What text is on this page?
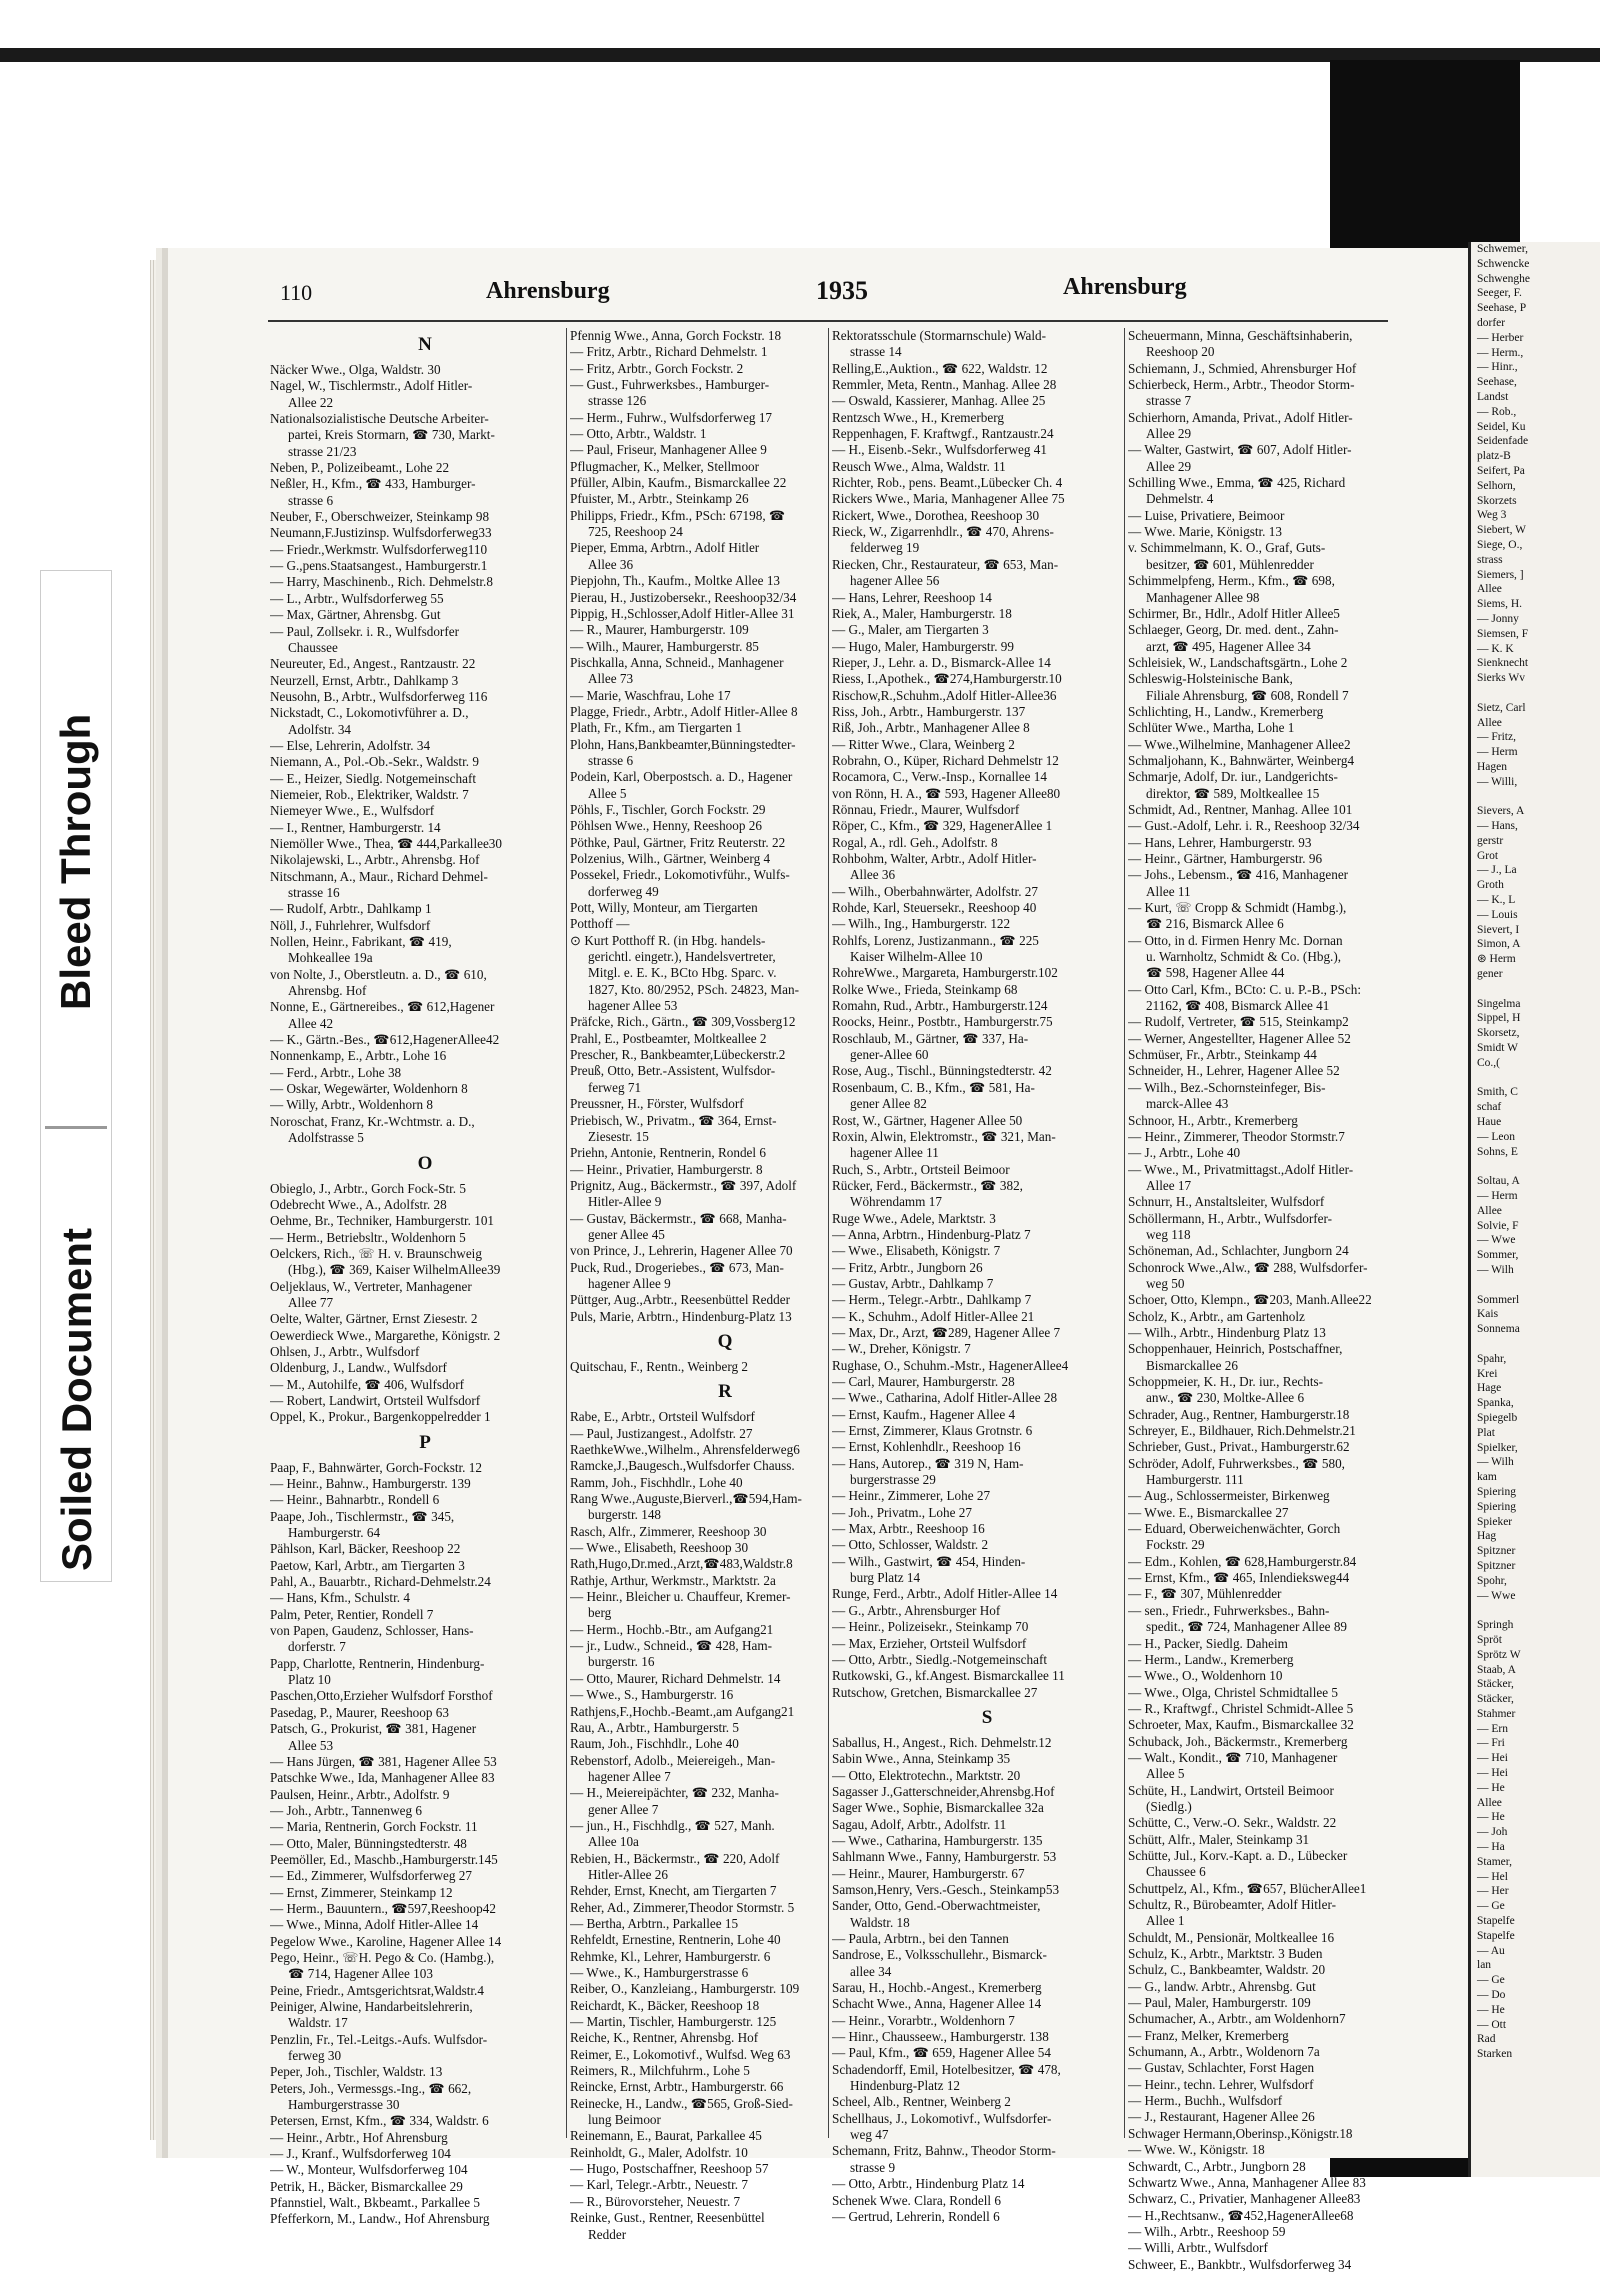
Schwemer,
Schwencke
Schwenghe
Seeger, F.
Seehase, P
dorfer
— Herber
— Herm.,
— Hinr.,
Seehase,
Landst
— Rob.,
Seidel, Ku
Seidenfade
platz-B
Seifert, Pa
Selhorn,
Skorzets
Weg 3
Siebert, W
Siege, O.,
strass
Siemers, ]
Allee
Siems, H.
— Jonny
Siemsen, F
— K. K
Sienknecht
Sierks Wv

Sietz, Carl
Allee
— Fritz,
— Herm
Hagen
— Willi,

Sievers, A
— Hans,
gerstr
Grot
— J., La
Groth
— K., L
— Louis
Sievert, I
Simon, A
⊛ Herm
gener

Singelma
Sippel, H
Skorsetz,
Smidt W
Co.,(

Smith, C
schaf
Haue
— Leon
Sohns, E

Soltau, A
— Herm
Allee
Solvie, F
— Wwe
Sommer,
— Wilh

Sommerl
Kais
Sonnema

Spahr,
Krei
Hage
Spanka,
Spiegelb
Plat
Spielker,
— Wilh
kam
Spiering
Spiering
Spieker
Hag
Spitzner
Spitzner
Spohr,
— Wwe

Springh
Spröt
Sprötz W
Staab, A
Stäcker,
Stäcker,
Stahmer
— Ern
— Fri
— Hei
— Hei
— He
Allee
— He
— Joh
— Ha
Stamer,
— Hel
— Her
— Ge
Stapelfe
Stapelfe
— Au
lan
— Ge
— Do
— He
— Ott
Rad
Starken
Soiled Document
Bleed Through
110	Ahrensburg	1935	Ahrensburg
N
Näcker Wwe., Olga, Waldstr. 30
Nagel, W., Tischlermstr., Adolf Hitler-
Allee 22
Nationalsozialistische Deutsche Arbeiter-
partei, Kreis Stormarn, ☎ 730, Markt-
strasse 21/23
Neben, P., Polizeibeamt., Lohe 22
Neßler, H., Kfm., ☎ 433, Hamburger-
strasse 6
Neuber, F., Oberschweizer, Steinkamp 98
Neumann,F.Justizinsp. Wulfsdorferweg33
— Friedr.,Werkmstr. Wulfsdorferweg110
— G.,pens.Staatsangest., Hamburgerstr.1
— Harry, Maschinenb., Rich. Dehmelstr.8
— L., Arbtr., Wulfsdorferweg 55
— Max, Gärtner, Ahrensbg. Gut
— Paul, Zollsekr. i. R., Wulfsdorfer
Chaussee
Neureuter, Ed., Angest., Rantzaustr. 22
Neurzell, Ernst, Arbtr., Dahlkamp 3
Neusohn, B., Arbtr., Wulfsdorferweg 116
Nickstadt, C., Lokomotivführer a. D.,
Adolfstr. 34
— Else, Lehrerin, Adolfstr. 34
Niemann, A., Pol.-Ob.-Sekr., Waldstr. 9
— E., Heizer, Siedlg. Notgemeinschaft
Niemeier, Rob., Elektriker, Waldstr. 7
Niemeyer Wwe., E., Wulfsdorf
— I., Rentner, Hamburgerstr. 14
Niemöller Wwe., Thea, ☎ 444,Parkallee30
Nikolajewski, L., Arbtr., Ahrensbg. Hof
Nitschmann, A., Maur., Richard Dehmel-
strasse 16
— Rudolf, Arbtr., Dahlkamp 1
Nöll, J., Fuhrlehrer, Wulfsdorf
Nollen, Heinr., Fabrikant, ☎ 419,
Mohkeallee 19a
von Nolte, J., Oberstleutn. a. D., ☎ 610,
Ahrensbg. Hof
Nonne, E., Gärtnereibes., ☎ 612,Hagener
Allee 42
— K., Gärtn.-Bes., ☎612,HagenerAllee42
Nonnenkamp, E., Arbtr., Lohe 16
— Ferd., Arbtr., Lohe 38
— Oskar, Wegewärter, Woldenhorn 8
— Willy, Arbtr., Woldenhorn 8
Noroschat, Franz, Kr.-Wchtmstr. a. D.,
Adolfstrasse 5
O
Obieglo, J., Arbtr., Gorch Fock-Str. 5
Odebrecht Wwe., A., Adolfstr. 28
Oehme, Br., Techniker, Hamburgerstr. 101
— Herm., Betriebsltr., Woldenhorn 5
Oelckers, Rich., ☏ H. v. Braunschweig
(Hbg.), ☎ 369, Kaiser WilhelmAllee39
Oeljeklaus, W., Vertreter, Manhagener
Allee 77
Oelte, Walter, Gärtner, Ernst Ziesestr. 2
Oewerdieck Wwe., Margarethe, Königstr. 2
Ohlsen, J., Arbtr., Wulfsdorf
Oldenburg, J., Landw., Wulfsdorf
— M., Autohilfe, ☎ 406, Wulfsdorf
— Robert, Landwirt, Ortsteil Wulfsdorf
Oppel, K., Prokur., Bargenkoppelredder 1
P
Paap, F., Bahnwärter, Gorch-Fockstr. 12
— Heinr., Bahnw., Hamburgerstr. 139
— Heinr., Bahnarbtr., Rondell 6
Paape, Joh., Tischlermstr., ☎ 345,
Hamburgerstr. 64
Pählson, Karl, Bäcker, Reeshoop 22
Paetow, Karl, Arbtr., am Tiergarten 3
Pahl, A., Bauarbtr., Richard-Dehmelstr.24
— Hans, Kfm., Schulstr. 4
Palm, Peter, Rentier, Rondell 7
von Papen, Gaudenz, Schlosser, Hans-
dorferstr. 7
Papp, Charlotte, Rentnerin, Hindenburg-
Platz 10
Paschen,Otto,Erzieher Wulfsdorf Forsthof
Pasedag, P., Maurer, Reeshoop 63
Patsch, G., Prokurist, ☎ 381, Hagener
Allee 53
— Hans Jürgen, ☎ 381, Hagener Allee 53
Patschke Wwe., Ida, Manhagener Allee 83
Paulsen, Heinr., Arbtr., Adolfstr. 9
— Joh., Arbtr., Tannenweg 6
— Maria, Rentnerin, Gorch Fockstr. 11
— Otto, Maler, Bünningstedterstr. 48
Peemöller, Ed., Maschb.,Hamburgerstr.145
— Ed., Zimmerer, Wulfsdorferweg 27
— Ernst, Zimmerer, Steinkamp 12
— Herm., Bauuntern., ☎597,Reeshoop42
— Wwe., Minna, Adolf Hitler-Allee 14
Pegelow Wwe., Karoline, Hagener Allee 14
Pego, Heinr., ☏H. Pego & Co. (Hambg.),
☎ 714, Hagener Allee 103
Peine, Friedr., Amtsgerichtsrat,Waldstr.4
Peiniger, Alwine, Handarbeitslehrerin,
Waldstr. 17
Penzlin, Fr., Tel.-Leitgs.-Aufs. Wulfsdor-
ferweg 30
Peper, Joh., Tischler, Waldstr. 13
Peters, Joh., Vermessgs.-Ing., ☎ 662,
Hamburgerstrasse 30
Petersen, Ernst, Kfm., ☎ 334, Waldstr. 6
— Heinr., Arbtr., Hof Ahrensburg
— J., Kranf., Wulfsdorferweg 104
— W., Monteur, Wulfsdorferweg 104
Petrik, H., Bäcker, Bismarckallee 29
Pfannstiel, Walt., Bkbeamt., Parkallee 5
Pfefferkorn, M., Landw., Hof Ahrensburg
Pfennig Wwe., Anna, Gorch Fockstr. 18
— Fritz, Arbtr., Richard Dehmelstr. 1
— Fritz, Arbtr., Gorch Fockstr. 2
— Gust., Fuhrwerksbes., Hamburger-
strasse 126
— Herm., Fuhrw., Wulfsdorferweg 17
— Otto, Arbtr., Waldstr. 1
— Paul, Friseur, Manhagener Allee 9
Pflugmacher, K., Melker, Stellmoor
Pfüller, Albin, Kaufm., Bismarckallee 22
Pfuister, M., Arbtr., Steinkamp 26
Philipps, Friedr., Kfm., PSch: 67198, ☎
725, Reeshoop 24
Pieper, Emma, Arbtrn., Adolf Hitler
Allee 36
Piepjohn, Th., Kaufm., Moltke Allee 13
Pierau, H., Justizobersekr., Reeshoop32/34
Pippig, H.,Schlosser,Adolf Hitler-Allee 31
— R., Maurer, Hamburgerstr. 109
— Wilh., Maurer, Hamburgerstr. 85
Pischkalla, Anna, Schneid., Manhagener
Allee 73
— Marie, Waschfrau, Lohe 17
Plagge, Friedr., Arbtr., Adolf Hitler-Allee 8
Plath, Fr., Kfm., am Tiergarten 1
Plohn, Hans,Bankbeamter,Bünningstedter-
strasse 6
Podein, Karl, Oberpostsch. a. D., Hagener
Allee 5
Pöhls, F., Tischler, Gorch Fockstr. 29
Pöhlsen Wwe., Henny, Reeshoop 26
Pöthke, Paul, Gärtner, Fritz Reuterstr. 22
Polzenius, Wilh., Gärtner, Weinberg 4
Possekel, Friedr., Lokomotivführ., Wulfs-
dorferweg 49
Pott, Willy, Monteur, am Tiergarten
Potthoff —
⊙ Kurt Potthoff R. (in Hbg. handels-
gerichtl. eingetr.), Handelsvertreter,
Mitgl. e. E. K., BCto Hbg. Sparc. v.
1827, Kto. 80/2952, PSch. 24823, Man-
hagener Allee 53
Präfcke, Rich., Gärtn., ☎ 309,Vossberg12
Prahl, E., Postbeamter, Moltkeallee 2
Prescher, R., Bankbeamter,Lübeckerstr.2
Preuß, Otto, Betr.-Assistent, Wulfsdor-
ferweg 71
Preussner, H., Förster, Wulfsdorf
Priebisch, W., Privatm., ☎ 364, Ernst-
Ziesestr. 15
Priehn, Antonie, Rentnerin, Rondel 6
— Heinr., Privatier, Hamburgerstr. 8
Prignitz, Aug., Bäckermstr., ☎ 397, Adolf
Hitler-Allee 9
— Gustav, Bäckermstr., ☎ 668, Manha-
gener Allee 45
von Prince, J., Lehrerin, Hagener Allee 70
Puck, Rud., Drogeriebes., ☎ 673, Man-
hagener Allee 9
Püttger, Aug.,Arbtr., Reesenbüttel Redder
Puls, Marie, Arbtrn., Hindenburg-Platz 13
Q
Quitschau, F., Rentn., Weinberg 2
R
Rabe, E., Arbtr., Ortsteil Wulfsdorf
— Paul, Justizangest., Adolfstr. 27
RaethkeWwe.,Wilhelm., Ahrensfelderweg6
Ramcke,J.,Baugesch.,Wulfsdorfer Chauss.
Ramm, Joh., Fischhdlr., Lohe 40
Rang Wwe.,Auguste,Bierverl.,☎594,Ham-
burgerstr. 148
Rasch, Alfr., Zimmerer, Reeshoop 30
— Wwe., Elisabeth, Reeshoop 30
Rath,Hugo,Dr.med.,Arzt,☎483,Waldstr.8
Rathje, Arthur, Werkmstr., Marktstr. 2a
— Heinr., Bleicher u. Chauffeur, Kremer-
berg
— Herm., Hochb.-Btr., am Aufgang21
— jr., Ludw., Schneid., ☎ 428, Ham-
burgerstr. 16
— Otto, Maurer, Richard Dehmelstr. 14
— Wwe., S., Hamburgerstr. 16
Rathjens,F.,Hochb.-Beamt.,am Aufgang21
Rau, A., Arbtr., Hamburgerstr. 5
Raum, Joh., Fischhdlr., Lohe 40
Rebenstorf, Adolb., Meiereigeh., Man-
hagener Allee 7
— H., Meiereipächter, ☎ 232, Manha-
gener Allee 7
— jun., H., Fischhdlg., ☎ 527, Manh.
Allee 10a
Rebien, H., Bäckermstr., ☎ 220, Adolf
Hitler-Allee 26
Rehder, Ernst, Knecht, am Tiergarten 7
Reher, Ad., Zimmerer,Theodor Stormstr. 5
— Bertha, Arbtrn., Parkallee 15
Rehfeldt, Ernestine, Rentnerin, Lohe 40
Rehmke, Kl., Lehrer, Hamburgerstr. 6
— Wwe., K., Hamburgerstrasse 6
Reiber, O., Kanzleiang., Hamburgerstr. 109
Reichardt, K., Bäcker, Reeshoop 18
— Martin, Tischler, Hamburgerstr. 125
Reiche, K., Rentner, Ahrensbg. Hof
Reimer, E., Lokomotivf., Wulfsd. Weg 63
Reimers, R., Milchfuhrm., Lohe 5
Reincke, Ernst, Arbtr., Hamburgerstr. 66
Reinecke, H., Landw., ☎565, Groß-Sied-
lung Beimoor
Reinemann, E., Baurat, Parkallee 45
Reinholdt, G., Maler, Adolfstr. 10
— Hugo, Postschaffner, Reeshoop 57
— Karl, Telegr.-Arbtr., Neuestr. 7
— R., Bürovorsteher, Neuestr. 7
Reinke, Gust., Rentner, Reesenbüttel
Redder
Rektoratsschule (Stormarnschule) Wald-
strasse 14
Relling,E.,Auktion., ☎ 622, Waldstr. 12
Remmler, Meta, Rentn., Manhag. Allee 28
— Oswald, Kassierer, Manhag. Allee 25
Rentzsch Wwe., H., Kremerberg
Reppenhagen, F. Kraftwgf., Rantzaustr.24
— H., Eisenb.-Sekr., Wulfsdorferweg 41
Reusch Wwe., Alma, Waldstr. 11
Richter, Rob., pens. Beamt.,Lübecker Ch. 4
Rickers Wwe., Maria, Manhagener Allee 75
Rickert, Wwe., Dorothea, Reeshoop 30
Rieck, W., Zigarrenhdlr., ☎ 470, Ahrens-
felderweg 19
Riecken, Chr., Restaurateur, ☎ 653, Man-
hagener Allee 56
— Hans, Lehrer, Reeshoop 14
Riek, A., Maler, Hamburgerstr. 18
— G., Maler, am Tiergarten 3
— Hugo, Maler, Hamburgerstr. 99
Rieper, J., Lehr. a. D., Bismarck-Allee 14
Riess, I.,Apothek., ☎274,Hamburgerstr.10
Rischow,R.,Schuhm.,Adolf Hitler-Allee36
Riss, Joh., Arbtr., Hamburgerstr. 137
Riß, Joh., Arbtr., Manhagener Allee 8
— Ritter Wwe., Clara, Weinberg 2
Robrahn, O., Küper, Richard Dehmelstr 12
Rocamora, C., Verw.-Insp., Kornallee 14
von Rönn, H. A., ☎ 593, Hagener Allee80
Rönnau, Friedr., Maurer, Wulfsdorf
Röper, C., Kfm., ☎ 329, HagenerAllee 1
Rogal, A., rdl. Geh., Adolfstr. 8
Rohbohm, Walter, Arbtr., Adolf Hitler-
Allee 36
— Wilh., Oberbahnwärter, Adolfstr. 27
Rohde, Karl, Steuersekr., Reeshoop 40
— Wilh., Ing., Hamburgerstr. 122
Rohlfs, Lorenz, Justizanmann., ☎ 225
Kaiser Wilhelm-Allee 10
RohreWwe., Margareta, Hamburgerstr.102
Rolke Wwe., Frieda, Steinkamp 68
Romahn, Rud., Arbtr., Hamburgerstr.124
Roocks, Heinr., Postbtr., Hamburgerstr.75
Roschlaub, M., Gärtner, ☎ 337, Ha-
gener-Allee 60
Rose, Aug., Tischl., Bünningstedterstr. 42
Rosenbaum, C. B., Kfm., ☎ 581, Ha-
gener Allee 82
Rost, W., Gärtner, Hagener Allee 50
Roxin, Alwin, Elektromstr., ☎ 321, Man-
hagener Allee 11
Ruch, S., Arbtr., Ortsteil Beimoor
Rücker, Ferd., Bäckermstr., ☎ 382,
Wöhrendamm 17
Ruge Wwe., Adele, Marktstr. 3
— Anna, Arbtrn., Hindenburg-Platz 7
— Wwe., Elisabeth, Königstr. 7
— Fritz, Arbtr., Jungborn 26
— Gustav, Arbtr., Dahlkamp 7
— Herm., Telegr.-Arbtr., Dahlkamp 7
— K., Schuhm., Adolf Hitler-Allee 21
— Max, Dr., Arzt, ☎289, Hagener Allee 7
— W., Dreher, Königstr. 7
Rughase, O., Schuhm.-Mstr., HagenerAllee4
— Carl, Maurer, Hamburgerstr. 28
— Wwe., Catharina, Adolf Hitler-Allee 28
— Ernst, Kaufm., Hagener Allee 4
— Ernst, Zimmerer, Klaus Grotnstr. 6
— Ernst, Kohlenhdlr., Reeshoop 16
— Hans, Autorep., ☎ 319 N, Ham-
burgerstrasse 29
— Heinr., Zimmerer, Lohe 27
— Joh., Privatm., Lohe 27
— Max, Arbtr., Reeshoop 16
— Otto, Schlosser, Waldstr. 2
— Wilh., Gastwirt, ☎ 454, Hinden-
burg Platz 14
Runge, Ferd., Arbtr., Adolf Hitler-Allee 14
— G., Arbtr., Ahrensburger Hof
— Heinr., Polizeisekr., Steinkamp 70
— Max, Erzieher, Ortsteil Wulfsdorf
— Otto, Arbtr., Siedlg.-Notgemeinschaft
Rutkowski, G., kf.Angest. Bismarckallee 11
Rutschow, Gretchen, Bismarckallee 27
S
Saballus, H., Angest., Rich. Dehmelstr.12
Sabin Wwe., Anna, Steinkamp 35
— Otto, Elektrotechn., Marktstr. 20
Sagasser J.,Gatterschneider,Ahrensbg.Hof
Sager Wwe., Sophie, Bismarckallee 32a
Sagau, Adolf, Arbtr., Adolfstr. 11
— Wwe., Catharina, Hamburgerstr. 135
Sahlmann Wwe., Fanny, Hamburgerstr. 53
— Heinr., Maurer, Hamburgerstr. 67
Samson,Henry, Vers.-Gesch., Steinkamp53
Sander, Otto, Gend.-Oberwachtmeister,
Waldstr. 18
— Paula, Arbtrn., bei den Tannen
Sandrose, E., Volksschullehr., Bismarck-
allee 34
Sarau, H., Hochb.-Angest., Kremerberg
Schacht Wwe., Anna, Hagener Allee 14
— Heinr., Vorarbtr., Woldenhorn 7
— Hinr., Chausseew., Hamburgerstr. 138
— Paul, Kfm., ☎ 659, Hagener Allee 54
Schadendorff, Emil, Hotelbesitzer, ☎ 478,
Hindenburg-Platz 12
Scheel, Alb., Rentner, Weinberg 2
Schellhaus, J., Lokomotivf., Wulfsdorfer-
weg 47
Schemann, Fritz, Bahnw., Theodor Storm-
strasse 9
— Otto, Arbtr., Hindenburg Platz 14
Schenek Wwe. Clara, Rondell 6
— Gertrud, Lehrerin, Rondell 6
Scheuermann, Minna, Geschäftsinhaberin,
Reeshoop 20
Schiemann, J., Schmied, Ahrensburger Hof
Schierbeck, Herm., Arbtr., Theodor Storm-
strasse 7
Schierhorn, Amanda, Privat., Adolf Hitler-
Allee 29
— Walter, Gastwirt, ☎ 607, Adolf Hitler-
Allee 29
Schilling Wwe., Emma, ☎ 425, Richard
Dehmelstr. 4
— Luise, Privatiere, Beimoor
— Wwe. Marie, Königstr. 13
v. Schimmelmann, K. O., Graf, Guts-
besitzer, ☎ 601, Mühlenredder
Schimmelpfeng, Herm., Kfm., ☎ 698,
Manhagener Allee 98
Schirmer, Br., Hdlr., Adolf Hitler Allee5
Schlaeger, Georg, Dr. med. dent., Zahn-
arzt, ☎ 495, Hagener Allee 34
Schleisiek, W., Landschaftsgärtn., Lohe 2
Schleswig-Holsteinische Bank,
Filiale Ahrensburg, ☎ 608, Rondell 7
Schlichting, H., Landw., Kremerberg
Schlüter Wwe., Martha, Lohe 1
— Wwe.,Wilhelmine, Manhagener Allee2
Schmaljohann, K., Bahnwärter, Weinberg4
Schmarje, Adolf, Dr. iur., Landgerichts-
direktor, ☎ 589, Moltkeallee 15
Schmidt, Ad., Rentner, Manhag. Allee 101
— Gust.-Adolf, Lehr. i. R., Reeshoop 32/34
— Hans, Lehrer, Hamburgerstr. 93
— Heinr., Gärtner, Hamburgerstr. 96
— Johs., Lebensm., ☎ 416, Manhagener
Allee 11
— Kurt, ☏ Cropp & Schmidt (Hambg.),
☎ 216, Bismarck Allee 6
— Otto, in d. Firmen Henry Mc. Dornan
u. Warnholtz, Schmidt & Co. (Hbg.),
☎ 598, Hagener Allee 44
— Otto Carl, Kfm., BCto: C. u. P.-B., PSch:
21162, ☎ 408, Bismarck Allee 41
— Rudolf, Vertreter, ☎ 515, Steinkamp2
— Werner, Angestellter, Hagener Allee 52
Schmüser, Fr., Arbtr., Steinkamp 44
Schneider, H., Lehrer, Hagener Allee 52
— Wilh., Bez.-Schornsteinfeger, Bis-
marck-Allee 43
Schnoor, H., Arbtr., Kremerberg
— Heinr., Zimmerer, Theodor Stormstr.7
— J., Arbtr., Lohe 40
— Wwe., M., Privatmittagst.,Adolf Hitler-
Allee 17
Schnurr, H., Anstaltsleiter, Wulfsdorf
Schöllermann, H., Arbtr., Wulfsdorfer-
weg 118
Schöneman, Ad., Schlachter, Jungborn 24
Schonrock Wwe.,Alw., ☎ 288, Wulfsdorfer-
weg 50
Schoer, Otto, Klempn., ☎203, Manh.Allee22
Scholz, K., Arbtr., am Gartenholz
— Wilh., Arbtr., Hindenburg Platz 13
Schoppenhauer, Heinrich, Postschaffner,
Bismarckallee 26
Schoppmeier, K. H., Dr. iur., Rechts-
anw., ☎ 230, Moltke-Allee 6
Schrader, Aug., Rentner, Hamburgerstr.18
Schreyer, E., Bildhauer, Rich.Dehmelstr.21
Schrieber, Gust., Privat., Hamburgerstr.62
Schröder, Adolf, Fuhrwerksbes., ☎ 580,
Hamburgerstr. 111
— Aug., Schlossermeister, Birkenweg
— Wwe. E., Bismarckallee 27
— Eduard, Oberweichenwächter, Gorch
Fockstr. 29
— Edm., Kohlen, ☎ 628,Hamburgerstr.84
— Ernst, Kfm., ☎ 465, Inlendieksweg44
— F., ☎ 307, Mühlenredder
— sen., Friedr., Fuhrwerksbes., Bahn-
spedit., ☎ 724, Manhagener Allee 89
— H., Packer, Siedlg. Daheim
— Herm., Landw., Kremerberg
— Wwe., O., Woldenhorn 10
— Wwe., Olga, Christel Schmidtallee 5
— R., Kraftwgf., Christel Schmidt-Allee 5
Schroeter, Max, Kaufm., Bismarckallee 32
Schuback, Joh., Bäckermstr., Kremerberg
— Walt., Kondit., ☎ 710, Manhagener
Allee 5
Schüte, H., Landwirt, Ortsteil Beimoor
(Siedlg.)
Schütte, C., Verw.-O. Sekr., Waldstr. 22
Schütt, Alfr., Maler, Steinkamp 31
Schütte, Jul., Korv.-Kapt. a. D., Lübecker
Chaussee 6
Schuttpelz, Al., Kfm., ☎657, BlücherAllee1
Schultz, R., Bürobeamter, Adolf Hitler-
Allee 1
Schuldt, M., Pensionär, Moltkeallee 16
Schulz, K., Arbtr., Marktstr. 3 Buden
Schulz, C., Bankbeamter, Waldstr. 20
— G., landw. Arbtr., Ahrensbg. Gut
— Paul, Maler, Hamburgerstr. 109
Schumacher, A., Arbtr., am Woldenhorn7
— Franz, Melker, Kremerberg
Schumann, A., Arbtr., Woldenorn 7a
— Gustav, Schlachter, Forst Hagen
— Heinr., techn. Lehrer, Wulfsdorf
— Herm., Buchh., Wulfsdorf
— J., Restaurant, Hagener Allee 26
Schwager Hermann,Oberinsp.,Königstr.18
— Wwe. W., Königstr. 18
Schwardt, C., Arbtr., Jungborn 28
Schwartz Wwe., Anna, Manhagener Allee 83
Schwarz, C., Privatier, Manhagener Allee83
— H.,Rechtsanw., ☎452,HagenerAllee68
— Wilh., Arbtr., Reeshoop 59
— Willi, Arbtr., Wulfsdorf
Schweer, E., Bankbtr., Wulfsdorferweg 34
